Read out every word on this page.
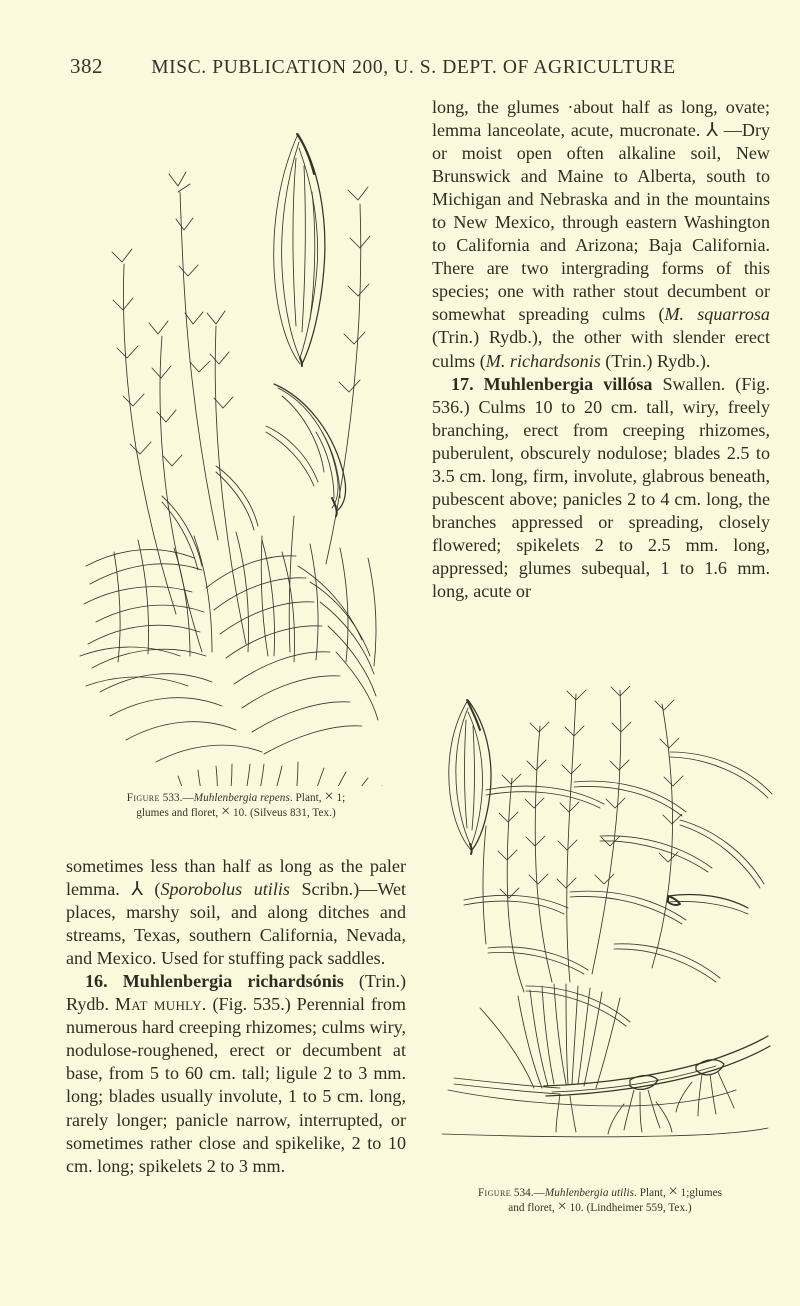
382	MISC. PUBLICATION 200, U. S. DEPT. OF AGRICULTURE
Figure 533.—Muhlenbergia repens. Plant, × 1;
glumes and floret, × 10. (Silveus 831, Tex.)

sometimes less than half as long as the paler lemma. ⅄ (Sporobolus utilis Scribn.)—Wet places, marshy soil, and along ditches and streams, Texas, southern California, Nevada, and Mexico. Used for stuffing pack saddles.

16. Muhlenbergia richardsónis (Trin.) Rydb. Mat muhly. (Fig. 535.) Perennial from numerous hard creeping rhizomes; culms wiry, nodulose-roughened, erect or decumbent at base, from 5 to 60 cm. tall; ligule 2 to 3 mm. long; blades usually involute, 1 to 5 cm. long, rarely longer; panicle narrow, interrupted, or sometimes rather close and spikelike, 2 to 10 cm. long; spikelets 2 to 3 mm.

long, the glumes ·about half as long, ovate; lemma lanceolate, acute, mucronate. ⅄ —Dry or moist open often alkaline soil, New Brunswick and Maine to Alberta, south to Michigan and Nebraska and in the mountains to New Mexico, through eastern Washington to California and Arizona; Baja California. There are two intergrading forms of this species; one with rather stout decumbent or somewhat spreading culms (M. squarrosa (Trin.) Rydb.), the other with slender erect culms (M. richardsonis (Trin.) Rydb.).

17. Muhlenbergia villósa Swallen. (Fig. 536.) Culms 10 to 20 cm. tall, wiry, freely branching, erect from creeping rhizomes, puberulent, obscurely nodulose; blades 2.5 to 3.5 cm. long, firm, involute, glabrous beneath, pubescent above; panicles 2 to 4 cm. long, the branches appressed or spreading, closely flowered; spikelets 2 to 2.5 mm. long, appressed; glumes subequal, 1 to 1.6 mm. long, acute or

Figure 534.—Muhlenbergia utilis. Plant, × 1;glumes
and floret, × 10. (Lindheimer 559, Tex.)
